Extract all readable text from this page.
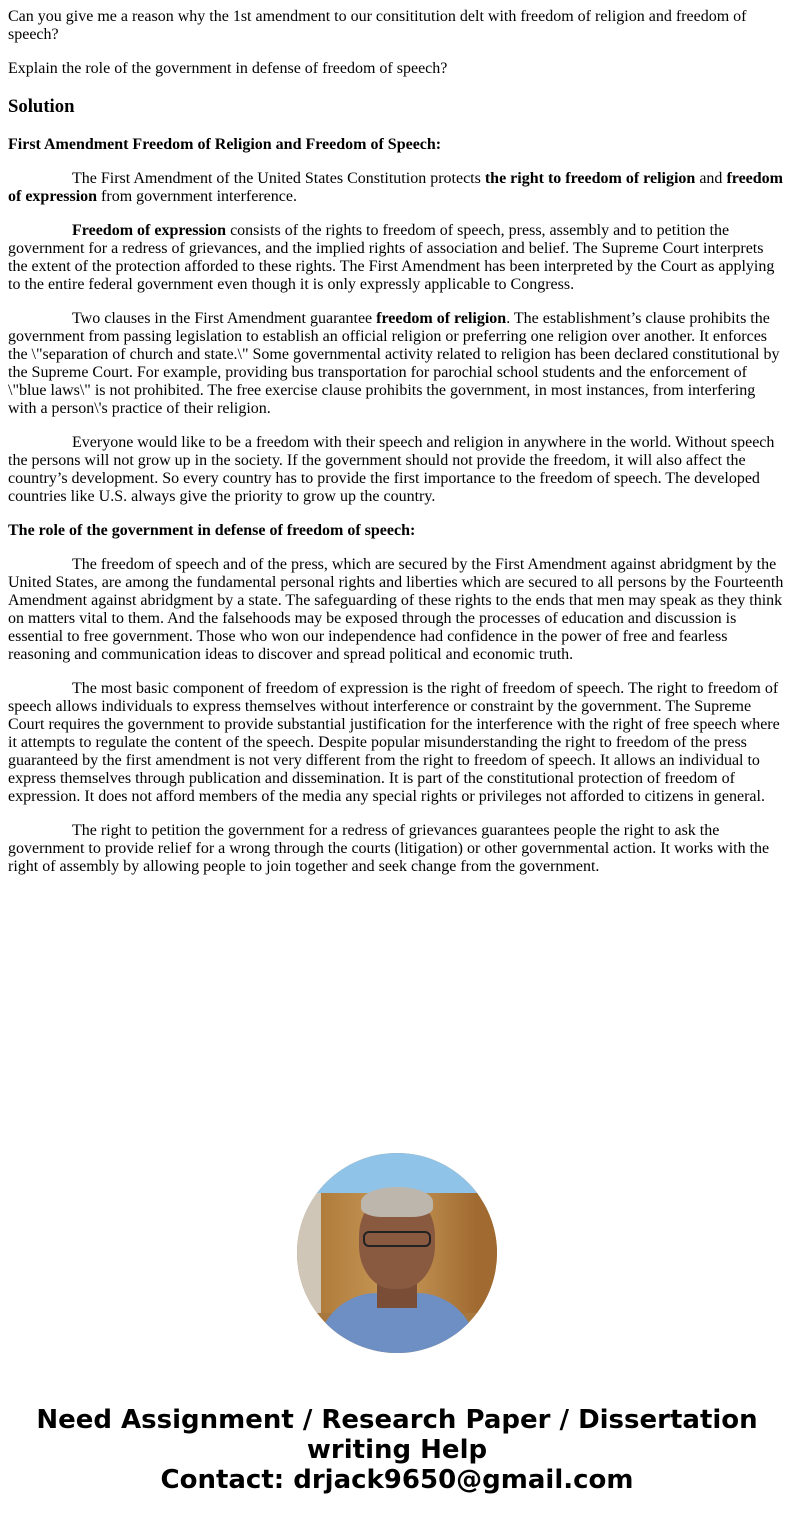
Can you give me a reason why the 1st amendment to our consititution delt with freedom of religion and freedom of speech?

Explain the role of the government in defense of freedom of speech?

Solution

First Amendment Freedom of Religion and Freedom of Speech:

The First Amendment of the United States Constitution protects the right to freedom of religion and freedom of expression from government interference.

Freedom of expression consists of the rights to freedom of speech, press, assembly and to petition the government for a redress of grievances, and the implied rights of association and belief. The Supreme Court interprets the extent of the protection afforded to these rights. The First Amendment has been interpreted by the Court as applying to the entire federal government even though it is only expressly applicable to Congress.

Two clauses in the First Amendment guarantee freedom of religion. The establishment’s clause prohibits the government from passing legislation to establish an official religion or preferring one religion over another. It enforces the \"separation of church and state.\" Some governmental activity related to religion has been declared constitutional by the Supreme Court. For example, providing bus transportation for parochial school students and the enforcement of \"blue laws\" is not prohibited. The free exercise clause prohibits the government, in most instances, from interfering with a person\'s practice of their religion.

Everyone would like to be a freedom with their speech and religion in anywhere in the world. Without speech the persons will not grow up in the society. If the government should not provide the freedom, it will also affect the country’s development. So every country has to provide the first importance to the freedom of speech. The developed countries like U.S. always give the priority to grow up the country.

The role of the government in defense of freedom of speech:

The freedom of speech and of the press, which are secured by the First Amendment against abridgment by the United States, are among the fundamental personal rights and liberties which are secured to all persons by the Fourteenth Amendment against abridgment by a state. The safeguarding of these rights to the ends that men may speak as they think on matters vital to them. And the falsehoods may be exposed through the processes of education and discussion is essential to free government. Those who won our independence had confidence in the power of free and fearless reasoning and communication ideas to discover and spread political and economic truth.

The most basic component of freedom of expression is the right of freedom of speech. The right to freedom of speech allows individuals to express themselves without interference or constraint by the government. The Supreme Court requires the government to provide substantial justification for the interference with the right of free speech where it attempts to regulate the content of the speech. Despite popular misunderstanding the right to freedom of the press guaranteed by the first amendment is not very different from the right to freedom of speech. It allows an individual to express themselves through publication and dissemination. It is part of the constitutional protection of freedom of expression. It does not afford members of the media any special rights or privileges not afforded to citizens in general.

The right to petition the government for a redress of grievances guarantees people the right to ask the government to provide relief for a wrong through the courts (litigation) or other governmental action. It works with the right of assembly by allowing people to join together and seek change from the government.

Need Assignment / Research Paper / Dissertation writing Help
Contact: drjack9650@gmail.com
